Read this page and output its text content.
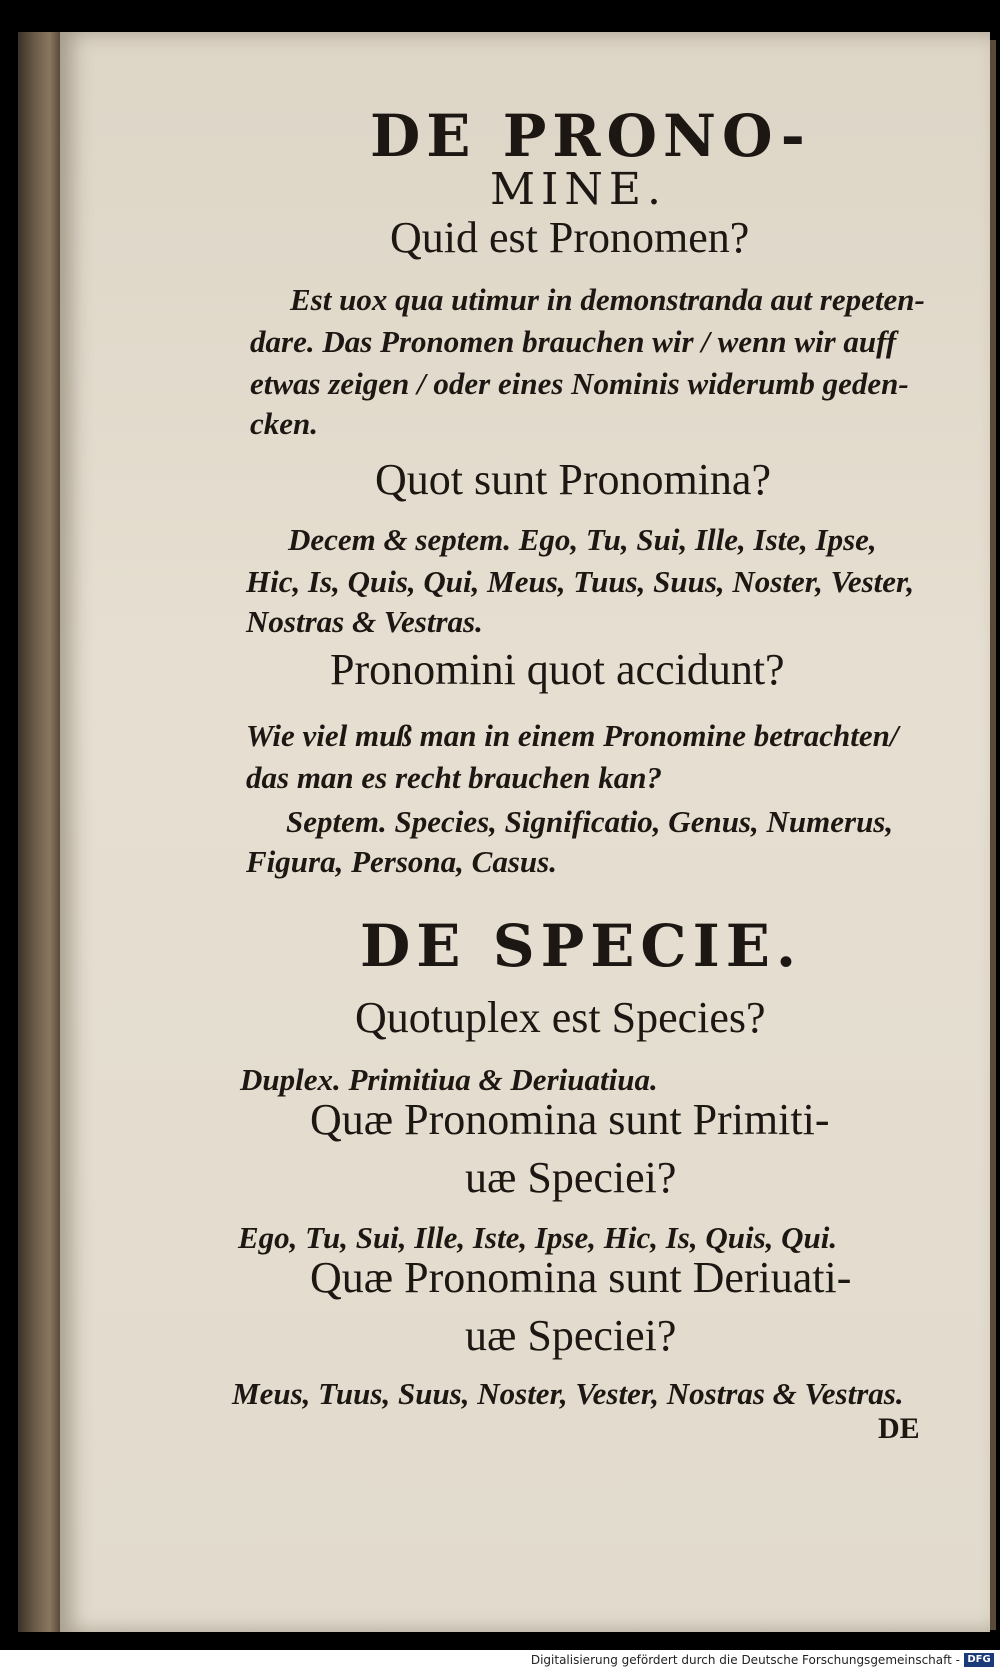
DE PRONO-
MINE.
Quid est Pronomen?
Est uox qua utimur in demonstranda aut repeten-
dare. Das Pronomen brauchen wir / wenn wir auff
etwas zeigen / oder eines Nominis widerumb geden-
cken.
Quot sunt Pronomina?
Decem & septem. Ego, Tu, Sui, Ille, Iste, Ipse,
Hic, Is, Quis, Qui, Meus, Tuus, Suus, Noster, Vester,
Nostras & Vestras.
Pronomini quot accidunt?
Wie viel muß man in einem Pronomine betrachten/
das man es recht brauchen kan?
Septem. Species, Significatio, Genus, Numerus,
Figura, Persona, Casus.
DE SPECIE.
Quotuplex est Species?
Duplex. Primitiua & Deriuatiua.
Quæ Pronomina sunt Primiti-
uæ Speciei?
Ego, Tu, Sui, Ille, Iste, Ipse, Hic, Is, Quis, Qui.
Quæ Pronomina sunt Deriuati-
uæ Speciei?
Meus, Tuus, Suus, Noster, Vester, Nostras & Vestras.
DE
Digitalisierung gefördert durch die Deutsche Forschungsgemeinschaft - DFG
